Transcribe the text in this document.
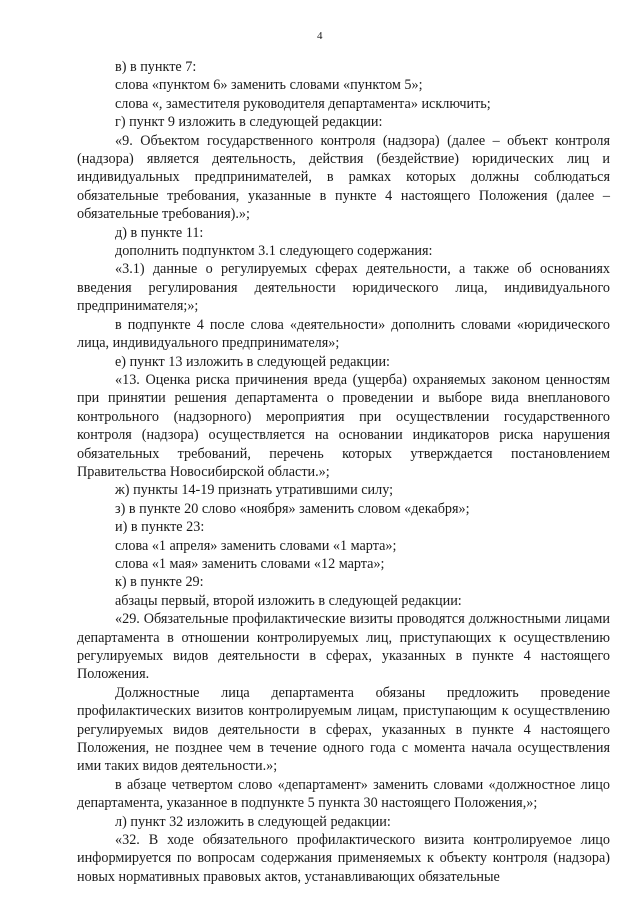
4

в) в пункте 7:

слова «пунктом 6» заменить словами «пунктом 5»;

слова «, заместителя руководителя департамента» исключить;

г) пункт 9 изложить в следующей редакции:

«9. Объектом государственного контроля (надзора) (далее – объект контроля (надзора) является деятельность, действия (бездействие) юридических лиц и индивидуальных предпринимателей, в рамках которых должны соблюдаться обязательные требования, указанные в пункте 4 настоящего Положения (далее – обязательные требования).»;

д) в пункте 11:

дополнить подпунктом 3.1 следующего содержания:

«3.1) данные о регулируемых сферах деятельности, а также об основаниях введения регулирования деятельности юридического лица, индивидуального предпринимателя;»;

в подпункте 4 после слова «деятельности» дополнить словами «юридического лица, индивидуального предпринимателя»;

е) пункт 13 изложить в следующей редакции:

«13. Оценка риска причинения вреда (ущерба) охраняемых законом ценностям при принятии решения департамента о проведении и выборе вида внепланового контрольного (надзорного) мероприятия при осуществлении государственного контроля (надзора) осуществляется на основании индикаторов риска нарушения обязательных требований, перечень которых утверждается постановлением Правительства Новосибирской области.»;

ж) пункты 14-19 признать утратившими силу;

з) в пункте 20 слово «ноября» заменить словом «декабря»;

и) в пункте 23:

слова «1 апреля» заменить словами «1 марта»;

слова «1 мая» заменить словами «12 марта»;

к) в пункте 29:

абзацы первый, второй изложить в следующей редакции:

«29. Обязательные профилактические визиты проводятся должностными лицами департамента в отношении контролируемых лиц, приступающих к осуществлению регулируемых видов деятельности в сферах, указанных в пункте 4 настоящего Положения.

Должностные лица департамента обязаны предложить проведение профилактических визитов контролируемым лицам, приступающим к осуществлению регулируемых видов деятельности в сферах, указанных в пункте 4 настоящего Положения, не позднее чем в течение одного года с момента начала осуществления ими таких видов деятельности.»;

в абзаце четвертом слово «департамент» заменить словами «должностное лицо департамента, указанное в подпункте 5 пункта 30 настоящего Положения,»;

л) пункт 32 изложить в следующей редакции:

«32. В ходе обязательного профилактического визита контролируемое лицо информируется по вопросам содержания применяемых к объекту контроля (надзора) новых нормативных правовых актов, устанавливающих обязательные
